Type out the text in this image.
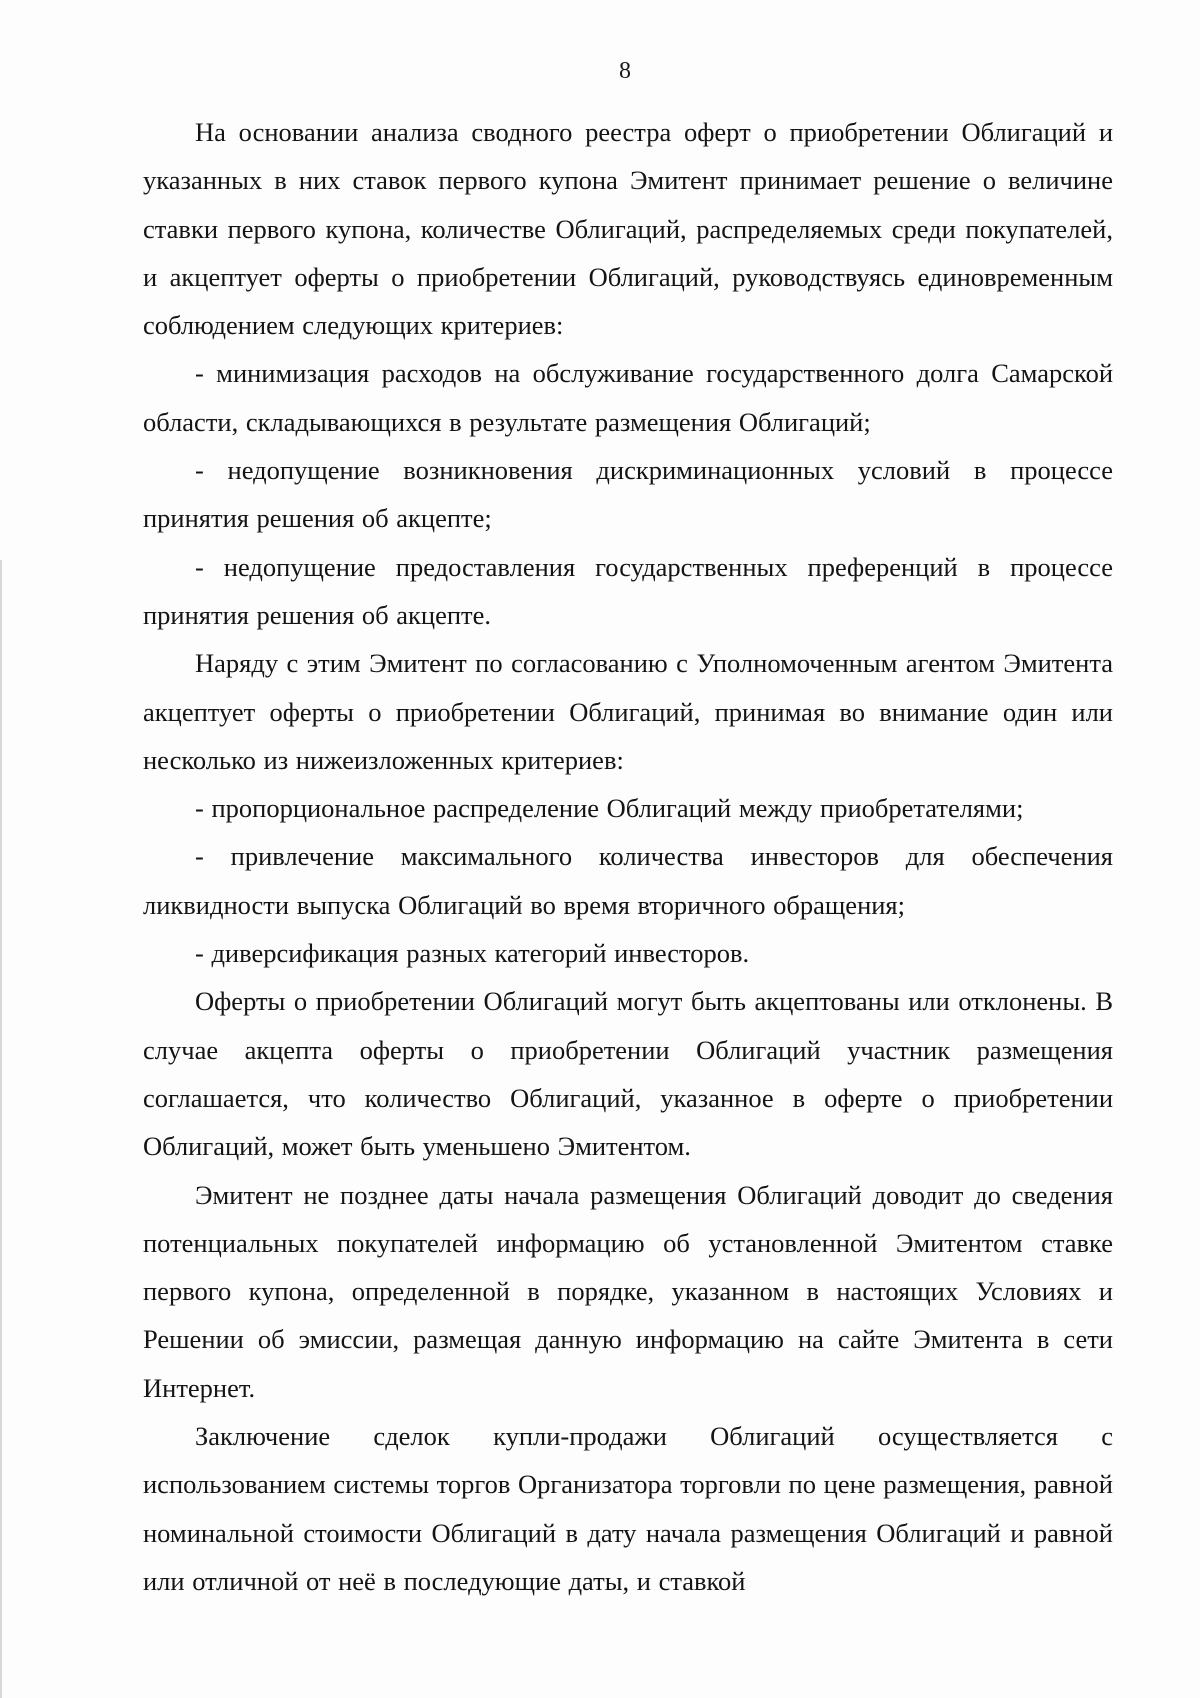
8

На основании анализа сводного реестра оферт о приобретении Облигаций и указанных в них ставок первого купона Эмитент принимает решение о величине ставки первого купона, количестве Облигаций, распределяемых среди покупателей, и акцептует оферты о приобретении Облигаций, руководствуясь единовременным соблюдением следующих критериев:

- минимизация расходов на обслуживание государственного долга Самарской области, складывающихся в результате размещения Облигаций;

- недопущение возникновения дискриминационных условий в процессе принятия решения об акцепте;

- недопущение предоставления государственных преференций в процессе принятия решения об акцепте.

Наряду с этим Эмитент по согласованию с Уполномоченным агентом Эмитента акцептует оферты о приобретении Облигаций, принимая во внимание один или несколько из нижеизложенных критериев:

- пропорциональное распределение Облигаций между приобретателями;

- привлечение максимального количества инвесторов для обеспечения ликвидности выпуска Облигаций во время вторичного обращения;

- диверсификация разных категорий инвесторов.

Оферты о приобретении Облигаций могут быть акцептованы или отклонены. В случае акцепта оферты о приобретении Облигаций участник размещения соглашается, что количество Облигаций, указанное в оферте о приобретении Облигаций, может быть уменьшено Эмитентом.

Эмитент не позднее даты начала размещения Облигаций доводит до сведения потенциальных покупателей информацию об установленной Эмитентом ставке первого купона, определенной в порядке, указанном в настоящих Условиях и Решении об эмиссии, размещая данную информацию на сайте Эмитента в сети Интернет.

Заключение сделок купли-продажи Облигаций осуществляется с использованием системы торгов Организатора торговли по цене размещения, равной номинальной стоимости Облигаций в дату начала размещения Облигаций и равной или отличной от неё в последующие даты, и ставкой
